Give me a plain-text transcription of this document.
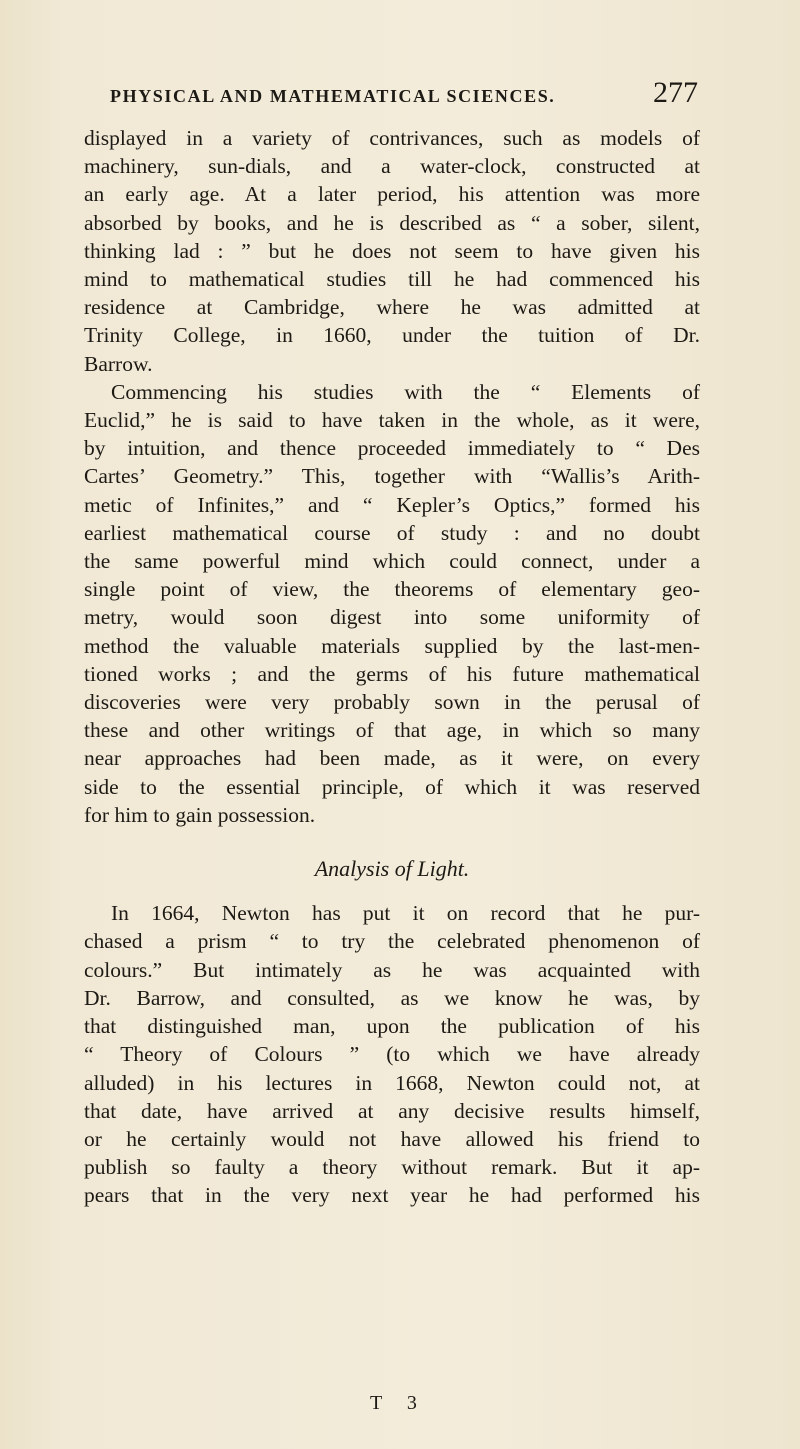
PHYSICAL AND MATHEMATICAL SCIENCES.	277

displayed in a variety of contrivances, such as models of

machinery, sun-dials, and a water-clock, constructed at

an early age. At a later period, his attention was more

absorbed by books, and he is described as “ a sober, silent,

thinking lad : ” but he does not seem to have given his

mind to mathematical studies till he had commenced his

residence at Cambridge, where he was admitted at

Trinity College, in 1660, under the tuition of Dr.

Barrow.

Commencing his studies with the “ Elements of

Euclid,” he is said to have taken in the whole, as it were,

by intuition, and thence proceeded immediately to “ Des

Cartes’ Geometry.” This, together with “Wallis’s Arith-

metic of Infinites,” and “ Kepler’s Optics,” formed his

earliest mathematical course of study : and no doubt

the same powerful mind which could connect, under a

single point of view, the theorems of elementary geo-

metry, would soon digest into some uniformity of

method the valuable materials supplied by the last-men-

tioned works ; and the germs of his future mathematical

discoveries were very probably sown in the perusal of

these and other writings of that age, in which so many

near approaches had been made, as it were, on every

side to the essential principle, of which it was reserved

for him to gain possession.

Analysis of Light.

In 1664, Newton has put it on record that he pur-

chased a prism “ to try the celebrated phenomenon of

colours.” But intimately as he was acquainted with

Dr. Barrow, and consulted, as we know he was, by

that distinguished man, upon the publication of his

“ Theory of Colours ” (to which we have already

alluded) in his lectures in 1668, Newton could not, at

that date, have arrived at any decisive results himself,

or he certainly would not have allowed his friend to

publish so faulty a theory without remark. But it ap-

pears that in the very next year he had performed his

T 3
